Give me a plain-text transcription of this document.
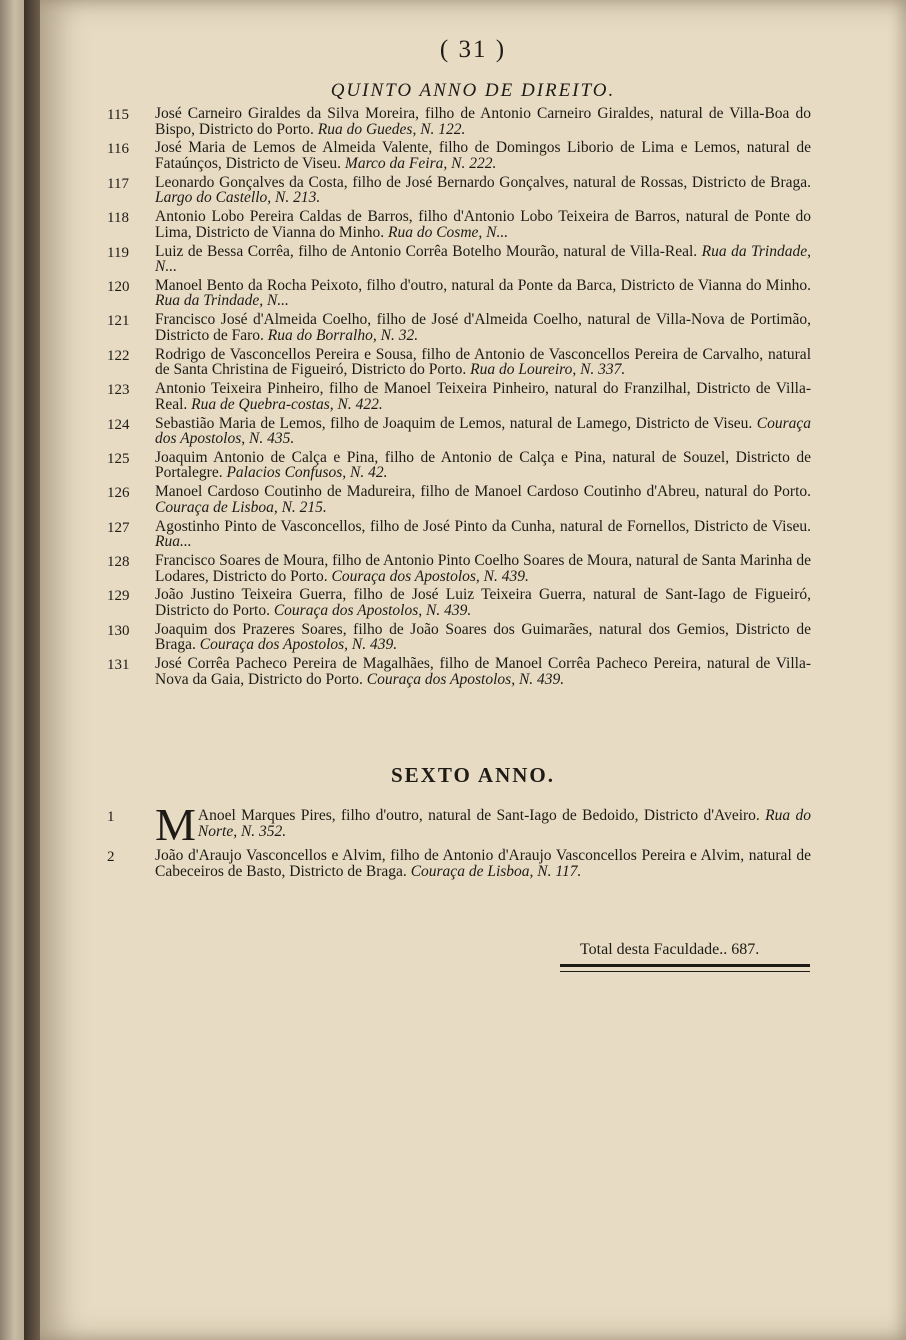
( 31 )
QUINTO ANNO DE DIREITO.
115 José Carneiro Giraldes da Silva Moreira, filho de Antonio Carneiro Giraldes, natural de Villa-Boa do Bispo, Districto do Porto. Rua do Guedes, N. 122.
116 José Maria de Lemos de Almeida Valente, filho de Domingos Liborio de Lima e Lemos, natural de Fataúnços, Districto de Viseu. Marco da Feira, N. 222.
117 Leonardo Gonçalves da Costa, filho de José Bernardo Gonçalves, natural de Rossas, Districto de Braga. Largo do Castello, N. 213.
118 Antonio Lobo Pereira Caldas de Barros, filho d'Antonio Lobo Teixeira de Barros, natural de Ponte do Lima, Districto de Vianna do Minho. Rua do Cosme, N...
119 Luiz de Bessa Corrêa, filho de Antonio Corrêa Botelho Mourão, natural de Villa-Real. Rua da Trindade, N...
120 Manoel Bento da Rocha Peixoto, filho d'outro, natural da Ponte da Barca, Districto de Vianna do Minho. Rua da Trindade, N...
121 Francisco José d'Almeida Coelho, filho de José d'Almeida Coelho, natural de Villa-Nova de Portimão, Districto de Faro. Rua do Borralho, N. 32.
122 Rodrigo de Vasconcellos Pereira e Sousa, filho de Antonio de Vasconcellos Pereira de Carvalho, natural de Santa Christina de Figueiró, Districto do Porto. Rua do Loureiro, N. 337.
123 Antonio Teixeira Pinheiro, filho de Manoel Teixeira Pinheiro, natural do Franzilhal, Districto de Villa-Real. Rua de Quebra-costas, N. 422.
124 Sebastião Maria de Lemos, filho de Joaquim de Lemos, natural de Lamego, Districto de Viseu. Couraça dos Apostolos, N. 435.
125 Joaquim Antonio de Calça e Pina, filho de Antonio de Calça e Pina, natural de Souzel, Districto de Portalegre. Palacios Confusos, N. 42.
126 Manoel Cardoso Coutinho de Madureira, filho de Manoel Cardoso Coutinho d'Abreu, natural do Porto. Couraça de Lisboa, N. 215.
127 Agostinho Pinto de Vasconcellos, filho de José Pinto da Cunha, natural de Fornellos, Districto de Viseu. Rua...
128 Francisco Soares de Moura, filho de Antonio Pinto Coelho Soares de Moura, natural de Santa Marinha de Lodares, Districto do Porto. Couraça dos Apostolos, N. 439.
129 João Justino Teixeira Guerra, filho de José Luiz Teixeira Guerra, natural de Sant-Iago de Figueiró, Districto do Porto. Couraça dos Apostolos, N. 439.
130 Joaquim dos Prazeres Soares, filho de João Soares dos Guimarães, natural dos Gemios, Districto de Braga. Couraça dos Apostolos, N. 439.
131 José Corrêa Pacheco Pereira de Magalhães, filho de Manoel Corrêa Pacheco Pereira, natural de Villa-Nova da Gaia, Districto do Porto. Couraça dos Apostolos, N. 439.
SEXTO ANNO.
1 M Anoel Marques Pires, filho d'outro, natural de Sant-Iago de Bedoido, Districto d'Aveiro. Rua do Norte, N. 352.
2	João d'Araujo Vasconcellos e Alvim, filho de Antonio d'Araujo Vasconcellos Pereira e Alvim, natural de Cabeceiros de Basto, Districto de Braga. Couraça de Lisboa, N. 117.
Total desta Faculdade.. 687.
